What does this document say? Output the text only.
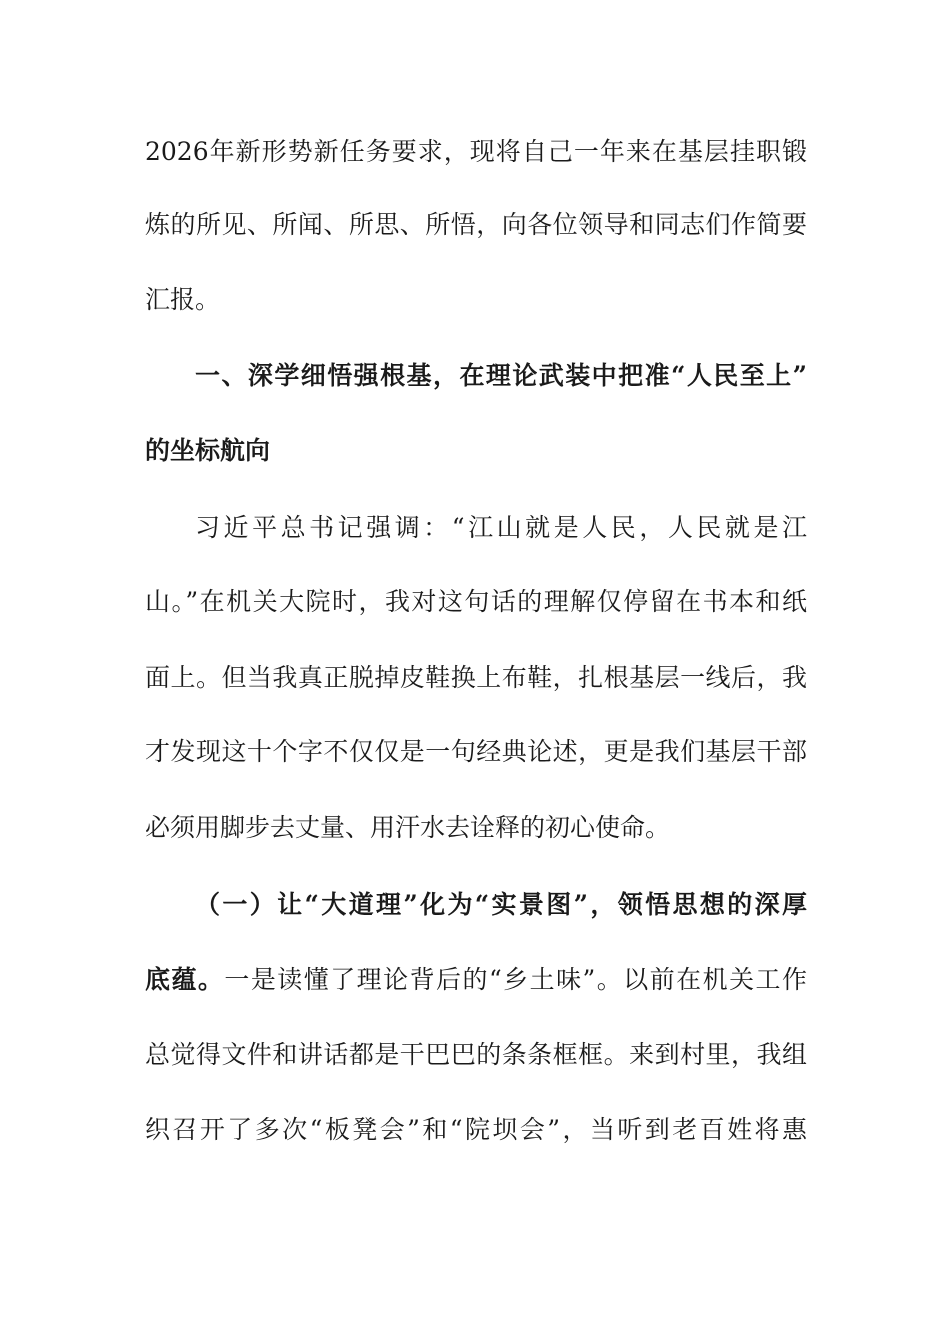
2026年新形势新任务要求，现将自己一年来在基层挂职锻
炼的所见、所闻、所思、所悟，向各位领导和同志们作简要
汇报。
一、深学细悟强根基，在理论武装中把准“人民至上”
的坐标航向
习近平总书记强调：“江山就是人民，人民就是江
山。”在机关大院时，我对这句话的理解仅停留在书本和纸
面上。但当我真正脱掉皮鞋换上布鞋，扎根基层一线后，我
才发现这十个字不仅仅是一句经典论述，更是我们基层干部
必须用脚步去丈量、用汗水去诠释的初心使命。
（一）让“大道理”化为“实景图”，领悟思想的深厚
底蕴。一是读懂了理论背后的“乡土味”。以前在机关工作
总觉得文件和讲话都是干巴巴的条条框框。来到村里，我组
织召开了多次“板凳会”和“院坝会”，当听到老百姓将惠
